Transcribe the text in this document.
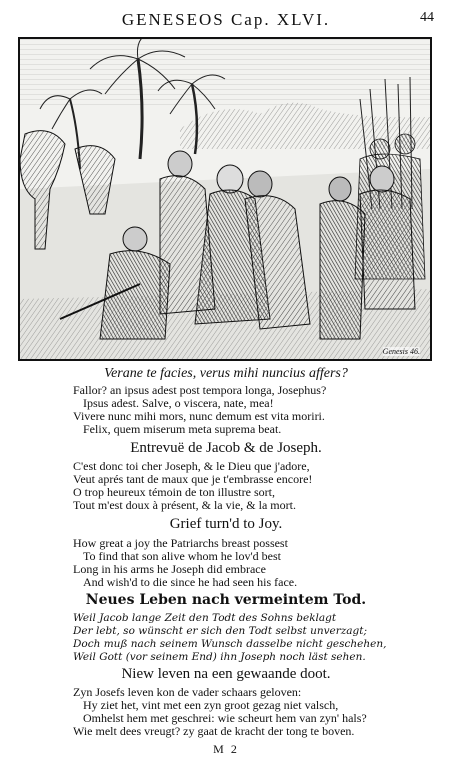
GENESEOS Cap. XLVI.	44
Genesis 46.
Verane te facies, verus mihi nuncius affers?
Fallor? an ipsus adest post tempora longa, Josephus?
Ipsus adest. Salve, o viscera, nate, mea!
Vivere nunc mihi mors, nunc demum est vita moriri.
Felix, quem miserum meta suprema beat.
Entrevuë de Jacob & de Joseph.
C'est donc toi cher Joseph, & le Dieu que j'adore,
Veut aprés tant de maux que je t'embrasse encore!
O trop heureux témoin de ton illustre sort,
Tout m'est doux à présent, & la vie, & la mort.
Grief turn'd to Joy.
How great a joy the Patriarchs breast possest
To find that son alive whom he lov'd best
Long in his arms he Joseph did embrace
And wish'd to die since he had seen his face.
Neues Leben nach vermeintem Tod.
Weil Jacob lange Zeit den Todt des Sohns beklagt
Der lebt, so wünscht er sich den Todt selbst unverzagt;
Doch muß nach seinem Wunsch dasselbe nicht geschehen,
Weil Gott (vor seinem End) ihn Joseph noch läst sehen.
Niew leven na een gewaande doot.
Zyn Josefs leven kon de vader schaars geloven:
Hy ziet het, vint met een zyn groot gezag niet valsch,
Omhelst hem met geschrei: wie scheurt hem van zyn' hals?
Wie melt dees vreugt? zy gaat de kracht der tong te boven.
M 2
